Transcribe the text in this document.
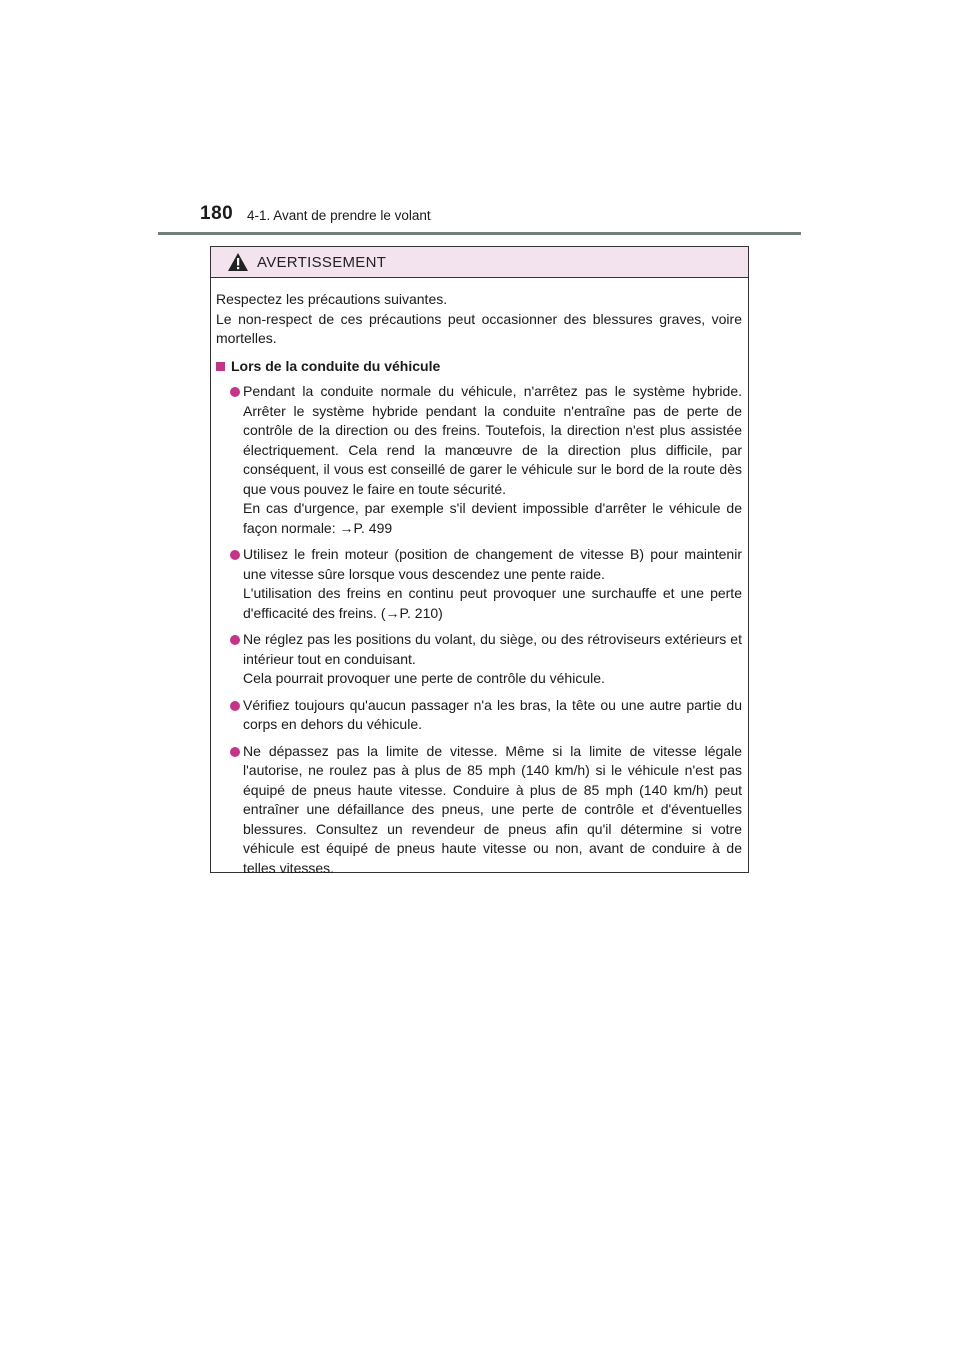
180 4-1. Avant de prendre le volant
AVERTISSEMENT

Respectez les précautions suivantes.
Le non-respect de ces précautions peut occasionner des blessures graves, voire mortelles.

Lors de la conduite du véhicule
Pendant la conduite normale du véhicule, n'arrêtez pas le système hybride. Arrêter le système hybride pendant la conduite n'entraîne pas de perte de contrôle de la direction ou des freins. Toutefois, la direction n'est plus assistée électriquement. Cela rend la manœuvre de la direction plus difficile, par conséquent, il vous est conseillé de garer le véhicule sur le bord de la route dès que vous pouvez le faire en toute sécurité.
En cas d'urgence, par exemple s'il devient impossible d'arrêter le véhicule de façon normale: →P. 499
Utilisez le frein moteur (position de changement de vitesse B) pour maintenir une vitesse sûre lorsque vous descendez une pente raide.
L'utilisation des freins en continu peut provoquer une surchauffe et une perte d'efficacité des freins. (→P. 210)
Ne réglez pas les positions du volant, du siège, ou des rétroviseurs extérieurs et intérieur tout en conduisant.
Cela pourrait provoquer une perte de contrôle du véhicule.
Vérifiez toujours qu'aucun passager n'a les bras, la tête ou une autre partie du corps en dehors du véhicule.
Ne dépassez pas la limite de vitesse. Même si la limite de vitesse légale l'autorise, ne roulez pas à plus de 85 mph (140 km/h) si le véhicule n'est pas équipé de pneus haute vitesse. Conduire à plus de 85 mph (140 km/h) peut entraîner une défaillance des pneus, une perte de contrôle et d'éventuelles blessures. Consultez un revendeur de pneus afin qu'il détermine si votre véhicule est équipé de pneus haute vitesse ou non, avant de conduire à de telles vitesses.
